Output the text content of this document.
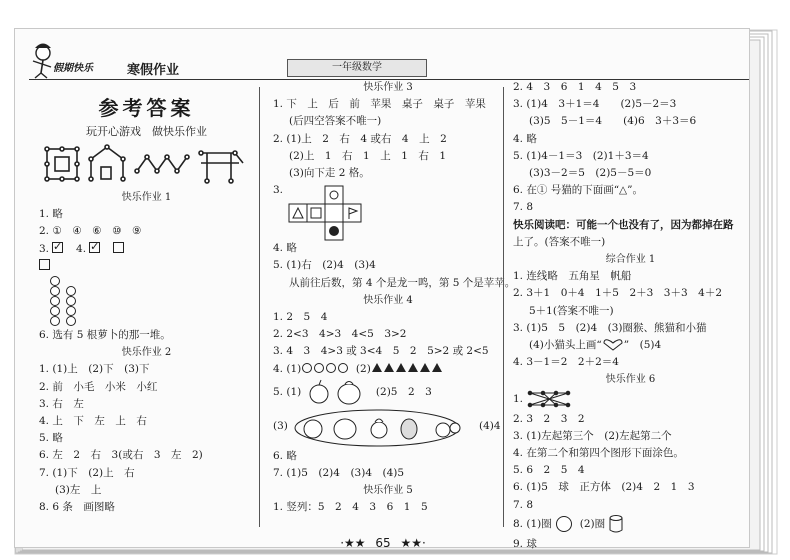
假期快乐	寒假作业	一年级数学
参考答案
玩开心游戏　做快乐作业
快乐作业 1
1. 略
2. ①　④　⑥　⑩　⑨
3.✓	4.✓
6. 选有 5 根萝卜的那一堆。
快乐作业 2
1. (1)上　(2)下　(3)下
2. 前　小毛　小米　小红
3. 右　左
4. 上　下　左　上　右
5. 略
6. 左　2　右　3(或右　3　左　2)
7. (1)下　(2)上　右
(3)左　上
8. 6 条　画图略
快乐作业 3
1. 下　上　后　前　苹果　桌子　桌子　苹果
(后四空答案不唯一)
2. (1)上　2　右　4 或右　4　上　2
(2)上　1　右　1　上　1　右　1
(3)向下走 2 格。
3.
4. 略
5. (1)右　(2)4　(3)4
从前往后数，第 4 个是龙一鸣，第 5 个是苹苹。
快乐作业 4
1. 2　5　4
2. 2<3　4>3　4<5　3>2
3. 4　3　4>3 或 3<4　5　2　5>2 或 2<5
4. (1)	(2)
5. (1)	(2)5　2　3
(3)	(4)4
6. 略
7. (1)5　(2)4　(3)4　(4)5
快乐作业 5
1. 竖列：5　2　4　3　6　1　5
2. 4　3　6　1　4　5　3
3. (1)4　3＋1＝4　　(2)5－2＝3
(3)5　5－1＝4　　(4)6　3＋3＝6
4. 略
5. (1)4－1＝3　(2)1＋3＝4
(3)3－2＝5　(2)5－5＝0
6. 在① 号猫的下面画“△”。
7. 8
快乐阅读吧：可能一个也没有了，因为都掉在路
上了。(答案不唯一)
综合作业 1
1. 连线略　五角星　帆船
2. 3＋1　0＋4　1＋5　2＋3　3＋3　4＋2
5＋1(答案不唯一)
3. (1)5　5　(2)4　(3)圈猴、熊猫和小猫
(4)小猫头上画“ ”　(5)4
4. 3－1＝2　2＋2＝4
快乐作业 6
1.
2. 3　2　3　2
3. (1)左起第三个　(2)左起第二个
4. 在第二个和第四个图形下面涂色。
5. 6　2　5　4
6. (1)5　球　正方体　(2)4　2　1　3
7. 8
8. (1)圈	(2)圈
9. 球
·★★ 65 ★★·
